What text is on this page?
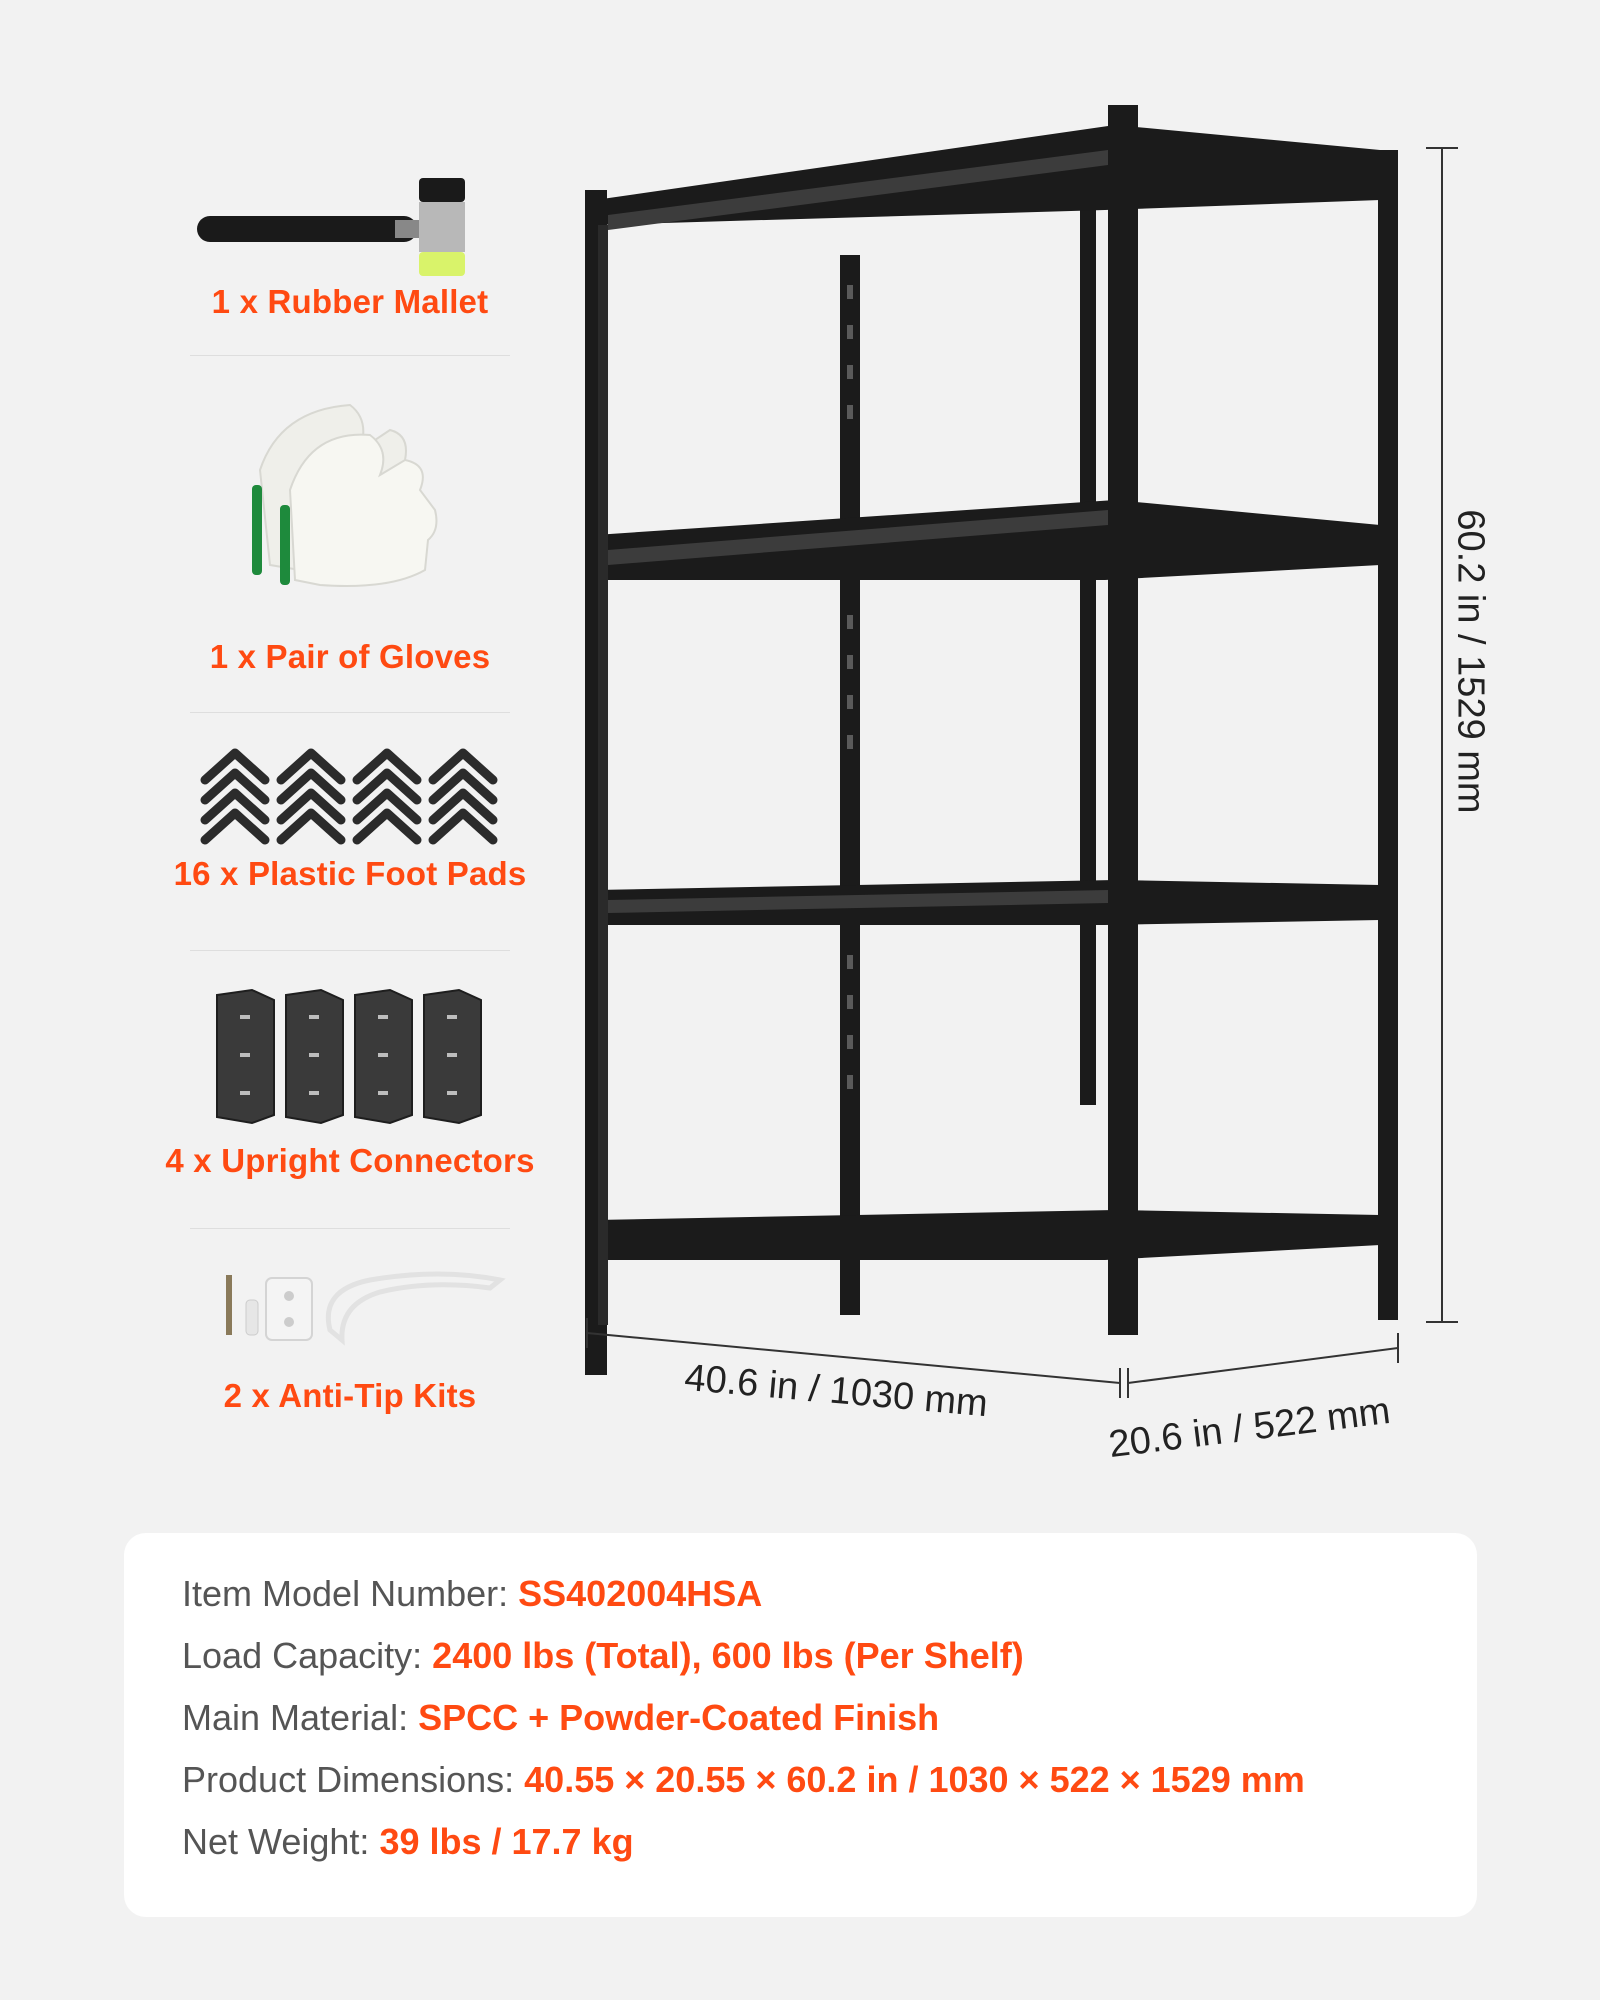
1 x Rubber Mallet
1 x Pair of Gloves
16 x Plastic Foot Pads
4 x Upright Connectors
2 x Anti-Tip Kits
60.2 in / 1529 mm
40.6 in / 1030 mm	20.6 in / 522 mm
Item Model Number: SS402004HSA
Load Capacity: 2400 lbs (Total), 600 lbs (Per Shelf)
Main Material: SPCC + Powder-Coated Finish
Product Dimensions: 40.55 × 20.55 × 60.2 in / 1030 × 522 × 1529 mm
Net Weight: 39 lbs / 17.7 kg
